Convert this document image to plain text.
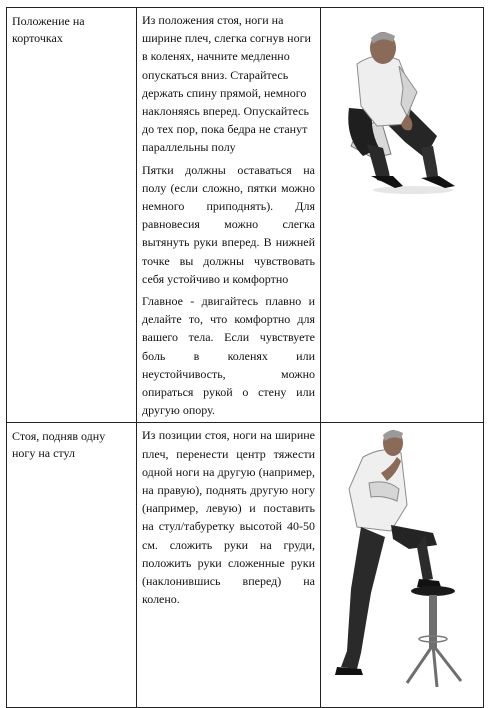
Положение на корточках	Из положения стоя, ноги на ширине плеч, слегка согнув ноги в коленях, начните медленно опускаться вниз. Старайтесь держать спину прямой, немного наклоняясь вперед. Опускайтесь до тех пор, пока бедра не станут параллельны полу

Пятки должны оставаться на полу (если сложно, пятки можно немного приподнять). Для равновесия можно слегка вытянуть руки вперед. В нижней точке вы должны чувствовать себя устойчиво и комфортно

Главное - двигайтесь плавно и делайте то, что комфортно для вашего тела. Если чувствуете боль в коленях или неустойчивость, можно опираться рукой о стену или другую опору.

Стоя, подняв одну ногу на стул	Из позиции стоя, ноги на ширине плеч, перенести центр тяжести одной ноги на другую (например, на правую), поднять другую ногу (например, левую) и поставить на стул/табуретку высотой 40-50 см. сложить руки на груди, положить руки сложенные руки (наклонившись вперед) на колено.
